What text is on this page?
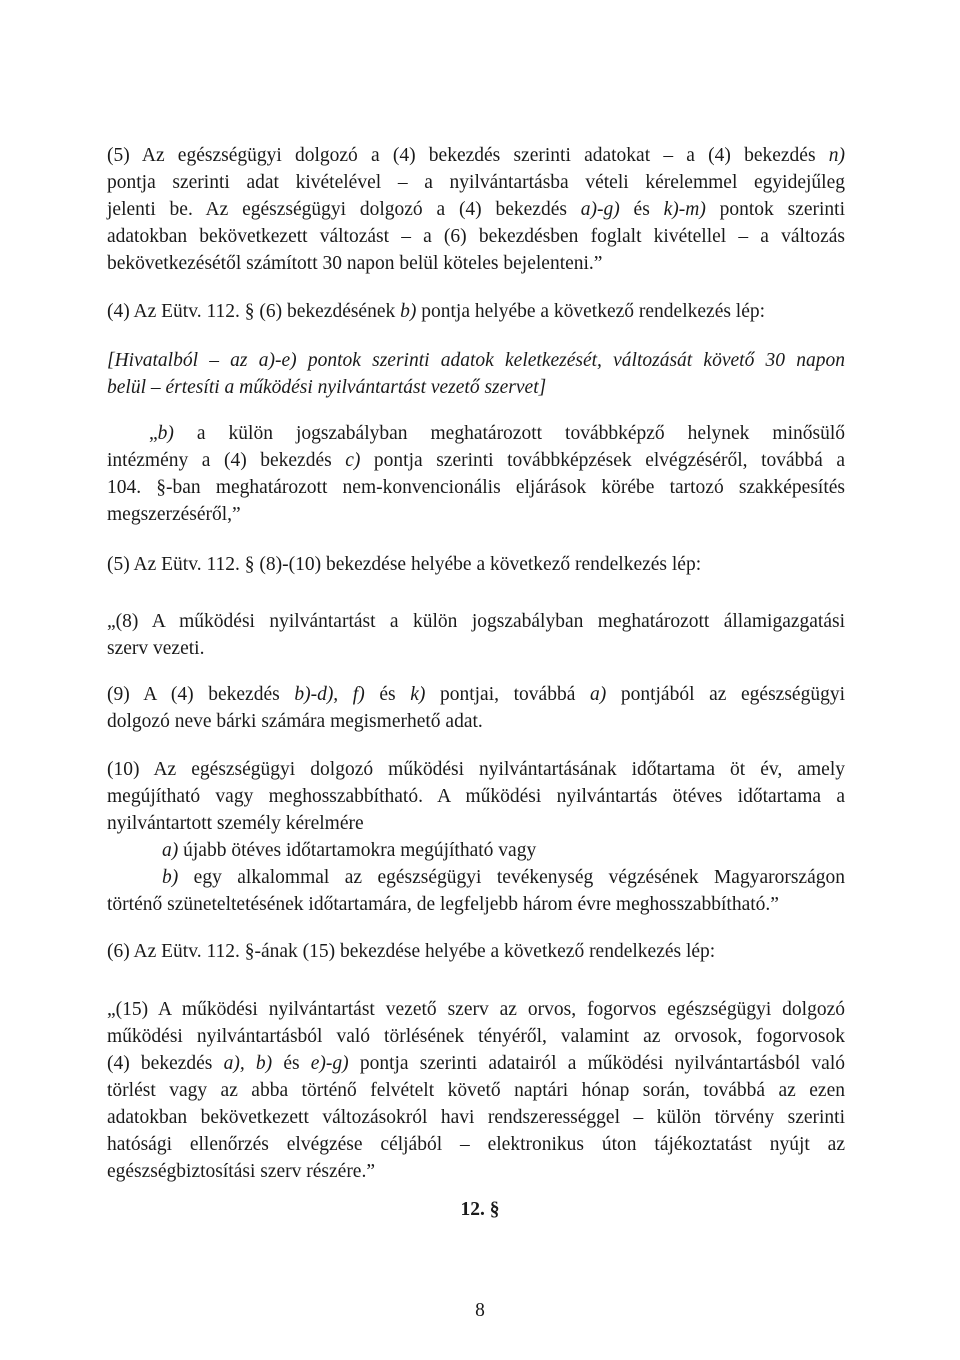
(5) Az egészségügyi dolgozó a (4) bekezdés szerinti adatokat – a (4) bekezdés n)
pontja szerinti adat kivételével – a nyilvántartásba vételi kérelemmel egyidejűleg
jelenti be. Az egészségügyi dolgozó a (4) bekezdés a)-g) és k)-m) pontok szerinti
adatokban bekövetkezett változást – a (6) bekezdésben foglalt kivétellel – a változás
bekövetkezésétől számított 30 napon belül köteles bejelenteni.”
(4) Az Eütv. 112. § (6) bekezdésének b) pontja helyébe a következő rendelkezés lép:
[Hivatalból – az a)-e) pontok szerinti adatok keletkezését, változását követő 30 napon
belül – értesíti a működési nyilvántartást vezető szervet]
„b) a külön jogszabályban meghatározott továbbképző helynek minősülő
intézmény a (4) bekezdés c) pontja szerinti továbbképzések elvégzéséről, továbbá a
104. §-ban meghatározott nem-konvencionális eljárások körébe tartozó szakképesítés
megszerzéséről,”
(5) Az Eütv. 112. § (8)-(10) bekezdése helyébe a következő rendelkezés lép:
„(8) A működési nyilvántartást a külön jogszabályban meghatározott államigazgatási
szerv vezeti.
(9) A (4) bekezdés b)-d), f) és k) pontjai, továbbá a) pontjából az egészségügyi
dolgozó neve bárki számára megismerhető adat.
(10) Az egészségügyi dolgozó működési nyilvántartásának időtartama öt év, amely
megújítható vagy meghosszabbítható. A működési nyilvántartás ötéves időtartama a
nyilvántartott személy kérelmére
a) újabb ötéves időtartamokra megújítható vagy
b) egy alkalommal az egészségügyi tevékenység végzésének Magyarországon
történő szüneteltetésének időtartamára, de legfeljebb három évre meghosszabbítható.”
(6) Az Eütv. 112. §-ának (15) bekezdése helyébe a következő rendelkezés lép:
„(15) A működési nyilvántartást vezető szerv az orvos, fogorvos egészségügyi dolgozó
működési nyilvántartásból való törlésének tényéről, valamint az orvosok, fogorvosok
(4) bekezdés a), b) és e)-g) pontja szerinti adatairól a működési nyilvántartásból való
törlést vagy az abba történő felvételt követő naptári hónap során, továbbá az ezen
adatokban bekövetkezett változásokról havi rendszerességgel – külön törvény szerinti
hatósági ellenőrzés elvégzése céljából – elektronikus úton tájékoztatást nyújt az
egészségbiztosítási szerv részére.”
12. §
8
